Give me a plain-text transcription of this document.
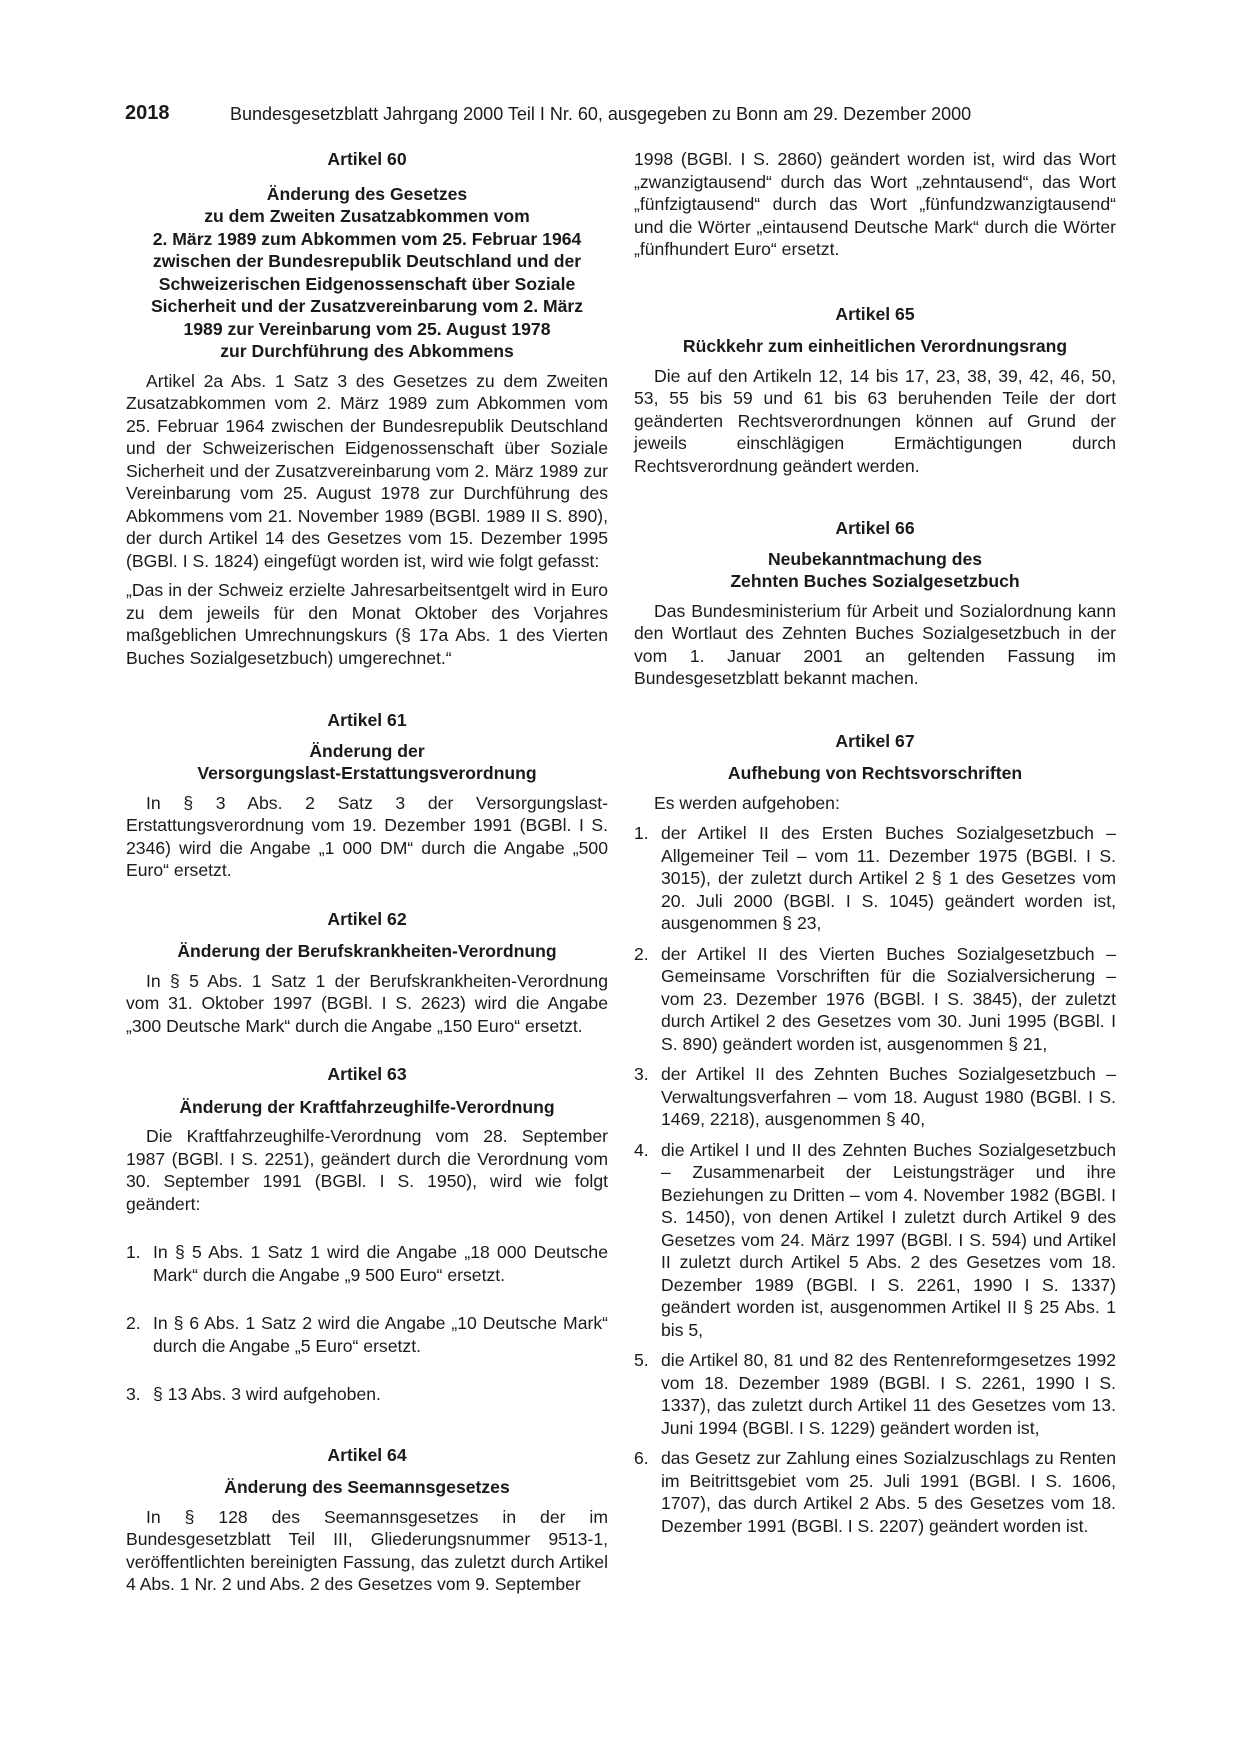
2018	Bundesgesetzblatt Jahrgang 2000 Teil I Nr. 60, ausgegeben zu Bonn am 29. Dezember 2000
Artikel 60
Änderung des Gesetzes
zu dem Zweiten Zusatzabkommen vom
2. März 1989 zum Abkommen vom 25. Februar 1964
zwischen der Bundesrepublik Deutschland und der
Schweizerischen Eidgenossenschaft über Soziale
Sicherheit und der Zusatzvereinbarung vom 2. März
1989 zur Vereinbarung vom 25. August 1978
zur Durchführung des Abkommens

Artikel 2a Abs. 1 Satz 3 des Gesetzes zu dem Zweiten Zusatzabkommen vom 2. März 1989 zum Abkommen vom 25. Februar 1964 zwischen der Bundesrepublik Deutschland und der Schweizerischen Eidgenossenschaft über Soziale Sicherheit und der Zusatzvereinbarung vom 2. März 1989 zur Vereinbarung vom 25. August 1978 zur Durchführung des Abkommens vom 21. November 1989 (BGBl. 1989 II S. 890), der durch Artikel 14 des Gesetzes vom 15. Dezember 1995 (BGBl. I S. 1824) eingefügt worden ist, wird wie folgt gefasst:

„Das in der Schweiz erzielte Jahresarbeitsentgelt wird in Euro zu dem jeweils für den Monat Oktober des Vorjahres maßgeblichen Umrechnungskurs (§ 17a Abs. 1 des Vierten Buches Sozialgesetzbuch) umgerechnet.“

Artikel 61
Änderung der
Versorgungslast-Erstattungsverordnung

In § 3 Abs. 2 Satz 3 der Versorgungslast-Erstattungsverordnung vom 19. Dezember 1991 (BGBl. I S. 2346) wird die Angabe „1 000 DM“ durch die Angabe „500 Euro“ ersetzt.

Artikel 62
Änderung der Berufskrankheiten-Verordnung

In § 5 Abs. 1 Satz 1 der Berufskrankheiten-Verordnung vom 31. Oktober 1997 (BGBl. I S. 2623) wird die Angabe „300 Deutsche Mark“ durch die Angabe „150 Euro“ ersetzt.

Artikel 63
Änderung der Kraftfahrzeughilfe-Verordnung

Die Kraftfahrzeughilfe-Verordnung vom 28. September 1987 (BGBl. I S. 2251), geändert durch die Verordnung vom 30. September 1991 (BGBl. I S. 1950), wird wie folgt geändert:

1. In § 5 Abs. 1 Satz 1 wird die Angabe „18 000 Deutsche Mark“ durch die Angabe „9 500 Euro“ ersetzt.
2. In § 6 Abs. 1 Satz 2 wird die Angabe „10 Deutsche Mark“ durch die Angabe „5 Euro“ ersetzt.
3. § 13 Abs. 3 wird aufgehoben.
Artikel 64
Änderung des Seemannsgesetzes

In § 128 des Seemannsgesetzes in der im Bundesgesetzblatt Teil III, Gliederungsnummer 9513-1, veröffentlichten bereinigten Fassung, das zuletzt durch Artikel 4 Abs. 1 Nr. 2 und Abs. 2 des Gesetzes vom 9. September

1998 (BGBl. I S. 2860) geändert worden ist, wird das Wort „zwanzigtausend“ durch das Wort „zehntausend“, das Wort „fünfzigtausend“ durch das Wort „fünfundzwanzigtausend“ und die Wörter „eintausend Deutsche Mark“ durch die Wörter „fünfhundert Euro“ ersetzt.

Artikel 65
Rückkehr zum einheitlichen Verordnungsrang

Die auf den Artikeln 12, 14 bis 17, 23, 38, 39, 42, 46, 50, 53, 55 bis 59 und 61 bis 63 beruhenden Teile der dort geänderten Rechtsverordnungen können auf Grund der jeweils einschlägigen Ermächtigungen durch Rechtsverordnung geändert werden.

Artikel 66
Neubekanntmachung des
Zehnten Buches Sozialgesetzbuch

Das Bundesministerium für Arbeit und Sozialordnung kann den Wortlaut des Zehnten Buches Sozialgesetzbuch in der vom 1. Januar 2001 an geltenden Fassung im Bundesgesetzblatt bekannt machen.

Artikel 67
Aufhebung von Rechtsvorschriften

Es werden aufgehoben:

1. der Artikel II des Ersten Buches Sozialgesetzbuch – Allgemeiner Teil – vom 11. Dezember 1975 (BGBl. I S. 3015), der zuletzt durch Artikel 2 § 1 des Gesetzes vom 20. Juli 2000 (BGBl. I S. 1045) geändert worden ist, ausgenommen § 23,
2. der Artikel II des Vierten Buches Sozialgesetzbuch – Gemeinsame Vorschriften für die Sozialversicherung – vom 23. Dezember 1976 (BGBl. I S. 3845), der zuletzt durch Artikel 2 des Gesetzes vom 30. Juni 1995 (BGBl. I S. 890) geändert worden ist, ausgenommen § 21,
3. der Artikel II des Zehnten Buches Sozialgesetzbuch – Verwaltungsverfahren – vom 18. August 1980 (BGBl. I S. 1469, 2218), ausgenommen § 40,
4. die Artikel I und II des Zehnten Buches Sozialgesetzbuch – Zusammenarbeit der Leistungsträger und ihre Beziehungen zu Dritten – vom 4. November 1982 (BGBl. I S. 1450), von denen Artikel I zuletzt durch Artikel 9 des Gesetzes vom 24. März 1997 (BGBl. I S. 594) und Artikel II zuletzt durch Artikel 5 Abs. 2 des Gesetzes vom 18. Dezember 1989 (BGBl. I S. 2261, 1990 I S. 1337) geändert worden ist, ausgenommen Artikel II § 25 Abs. 1 bis 5,
5. die Artikel 80, 81 und 82 des Rentenreformgesetzes 1992 vom 18. Dezember 1989 (BGBl. I S. 2261, 1990 I S. 1337), das zuletzt durch Artikel 11 des Gesetzes vom 13. Juni 1994 (BGBl. I S. 1229) geändert worden ist,
6. das Gesetz zur Zahlung eines Sozialzuschlags zu Renten im Beitrittsgebiet vom 25. Juli 1991 (BGBl. I S. 1606, 1707), das durch Artikel 2 Abs. 5 des Gesetzes vom 18. Dezember 1991 (BGBl. I S. 2207) geändert worden ist.
